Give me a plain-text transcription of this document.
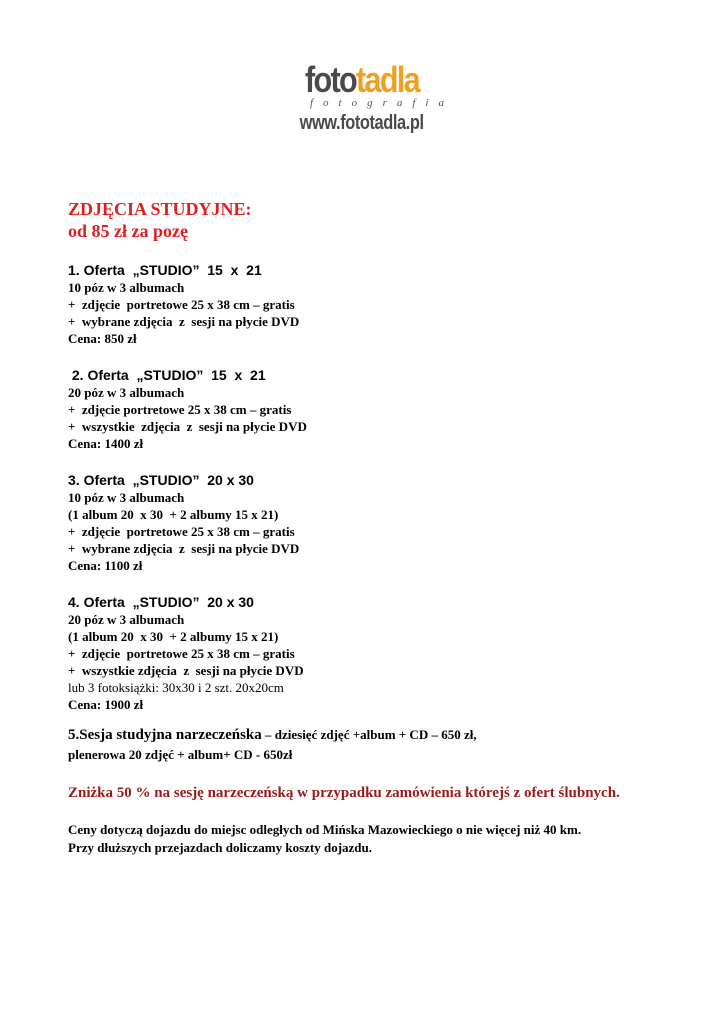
fototadla
fotografia
www.fototadla.pl
ZDJĘCIA STUDYJNE:
od 85 zł za pozę
1. Oferta  „STUDIO”  15  x  21
10 póz w 3 albumach
+  zdjęcie  portretowe 25 x 38 cm – gratis
+  wybrane zdjęcia  z  sesji na płycie DVD
Cena: 850 zł
2. Oferta  „STUDIO”  15  x  21
20 póz w 3 albumach
+  zdjęcie portretowe 25 x 38 cm – gratis
+  wszystkie  zdjęcia  z  sesji na płycie DVD
Cena: 1400 zł
3. Oferta  „STUDIO”  20 x 30
10 póz w 3 albumach
(1 album 20  x 30  + 2 albumy 15 x 21)
+  zdjęcie  portretowe 25 x 38 cm – gratis
+  wybrane zdjęcia  z  sesji na płycie DVD
Cena: 1100 zł
4. Oferta  „STUDIO”  20 x 30
20 póz w 3 albumach
(1 album 20  x 30  + 2 albumy 15 x 21)
+  zdjęcie  portretowe 25 x 38 cm – gratis
+  wszystkie zdjęcia  z  sesji na płycie DVD
lub 3 fotoksiążki: 30x30 i 2 szt. 20x20cm
Cena: 1900 zł
5.Sesja studyjna narzeczeńska – dziesięć zdjęć +album + CD – 650 zł,
plenerowa 20 zdjęć + album+ CD - 650zł
Zniżka 50 % na sesję narzeczeńską w przypadku zamówienia którejś z ofert ślubnych.
Ceny dotyczą dojazdu do miejsc odległych od Mińska Mazowieckiego o nie więcej niż 40 km.
Przy dłuższych przejazdach doliczamy koszty dojazdu.
